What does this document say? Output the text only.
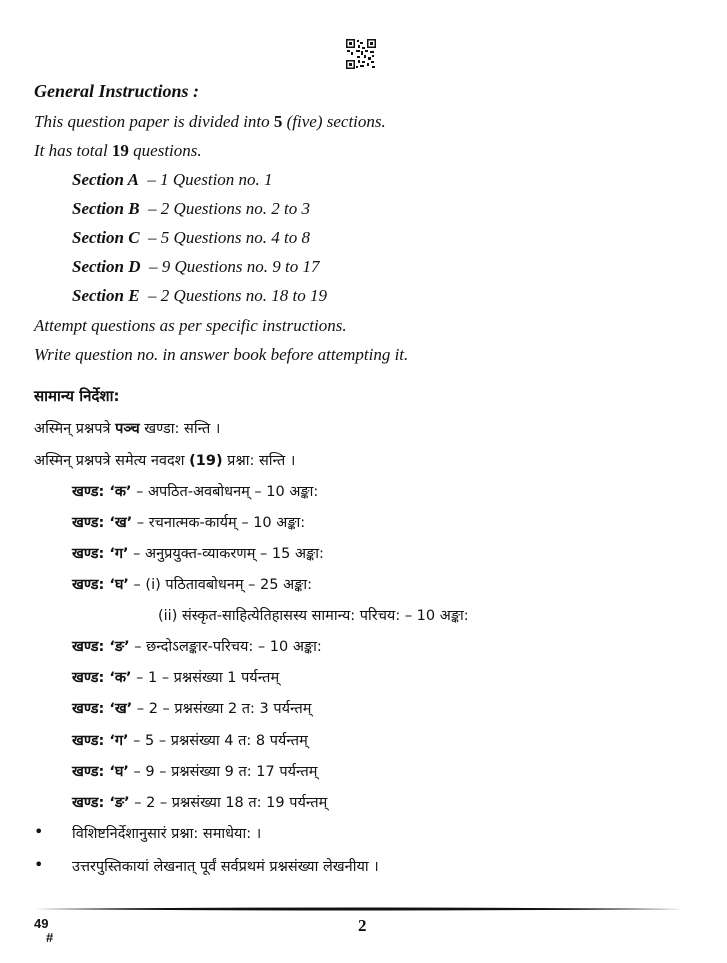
General Instructions :
This question paper is divided into 5 (five) sections.
It has total 19 questions.
Section A – 1 Question no. 1
Section B – 2 Questions no. 2 to 3
Section C – 5 Questions no. 4 to 8
Section D – 9 Questions no. 9 to 17
Section E – 2 Questions no. 18 to 19
Attempt questions as per specific instructions.
Write question no. in answer book before attempting it.
सामान्य निर्देशा:
अस्मिन् प्रश्नपत्रे पञ्च खण्डा: सन्ति ।
अस्मिन् प्रश्नपत्रे समेत्य नवदश (19) प्रश्ना: सन्ति ।
खण्ड: ‘क’ – अपठित-अवबोधनम् – 10 अङ्का:
खण्ड: ‘ख’ – रचनात्मक-कार्यम् – 10 अङ्का:
खण्ड: ‘ग’ – अनुप्रयुक्त-व्याकरणम् – 15 अङ्का:
खण्ड: ‘घ’ – (i) पठितावबोधनम् – 25 अङ्का:
(ii) संस्कृत-साहित्येतिहासस्य सामान्य: परिचय: – 10 अङ्का:
खण्ड: ‘ङ’ – छन्दोऽलङ्कार-परिचय: – 10 अङ्का:
खण्ड: ‘क’ – 1 – प्रश्नसंख्या 1 पर्यन्तम्
खण्ड: ‘ख’ – 2 – प्रश्नसंख्या 2 त: 3 पर्यन्तम्
खण्ड: ‘ग’ – 5 – प्रश्नसंख्या 4 त: 8 पर्यन्तम्
खण्ड: ‘घ’ – 9 – प्रश्नसंख्या 9 त: 17 पर्यन्तम्
खण्ड: ‘ङ’ – 2 – प्रश्नसंख्या 18 त: 19 पर्यन्तम्
• विशिष्टनिर्देशानुसारं प्रश्ना: समाधेया: ।
• उत्तरपुस्तिकायां लेखनात् पूर्वं सर्वप्रथमं प्रश्नसंख्या लेखनीया ।
2
49
#
